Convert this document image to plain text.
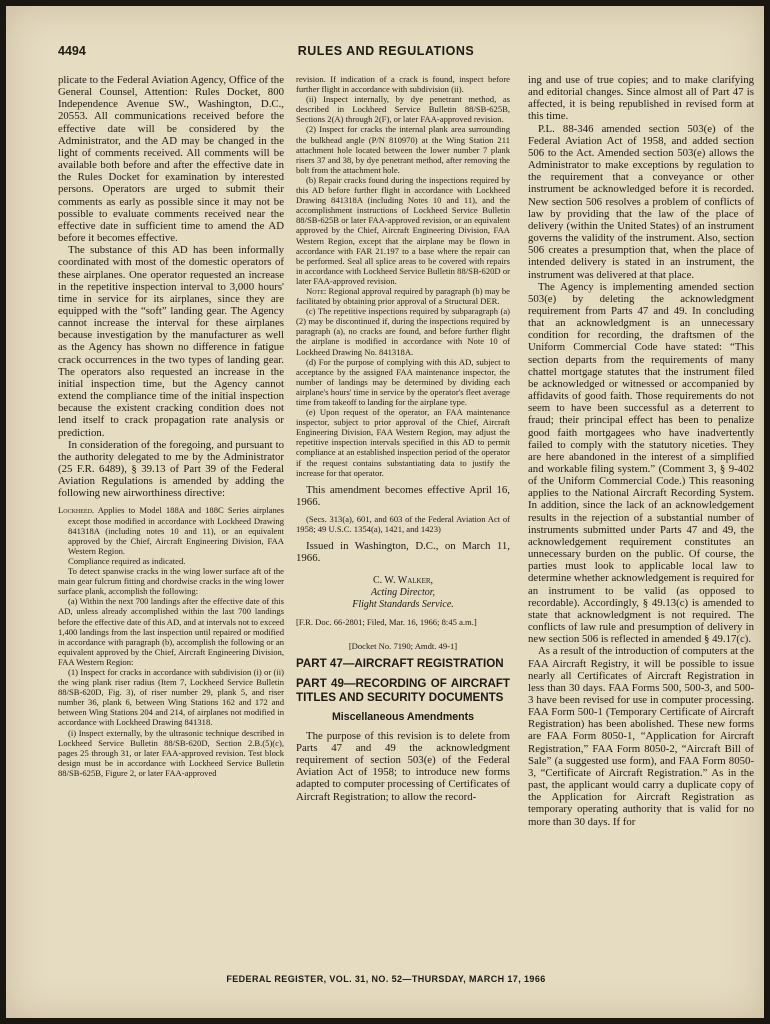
4494	RULES AND REGULATIONS

plicate to the Federal Aviation Agency, Office of the General Counsel, Attention: Rules Docket, 800 Independence Avenue SW., Washington, D.C., 20553. All communications received before the effective date will be considered by the Administrator, and the AD may be changed in the light of comments received. All comments will be available both before and after the effective date in the Rules Docket for examination by interested persons. Operators are urged to submit their comments as early as possible since it may not be possible to evaluate comments received near the effective date in sufficient time to amend the AD before it becomes effective.

The substance of this AD has been informally coordinated with most of the domestic operators of these airplanes. One operator requested an increase in the repetitive inspection interval to 3,000 hours' time in service for its airplanes, since they are equipped with the “soft” landing gear. The Agency cannot increase the interval for these airplanes because investigation by the manufacturer as well as the Agency has shown no difference in fatigue crack occurrences in the two types of landing gear. The operators also requested an increase in the initial inspection time, but the Agency cannot extend the compliance time of the initial inspection because the existent cracking condition does not lend itself to crack propagation rate analysis or prediction.

In consideration of the foregoing, and pursuant to the authority delegated to me by the Administrator (25 F.R. 6489), § 39.13 of Part 39 of the Federal Aviation Regulations is amended by adding the following new airworthiness directive:

Lockheed. Applies to Model 188A and 188C Series airplanes except those modified in accordance with Lockheed Drawing 841318A (including notes 10 and 11), or an equivalent approved by the Chief, Aircraft Engineering Division, FAA Western Region.

Compliance required as indicated.

To detect spanwise cracks in the wing lower surface aft of the main gear fulcrum fitting and chordwise cracks in the wing lower surface plank, accomplish the following:

(a) Within the next 700 landings after the effective date of this AD, unless already accomplished within the last 700 landings before the effective date of this AD, and at intervals not to exceed 1,400 landings from the last inspection until repaired or modified in accordance with paragraph (b), accomplish the following or an equivalent approved by the Chief, Aircraft Engineering Division, FAA Western Region:

(1) Inspect for cracks in accordance with subdivision (i) or (ii) the wing plank riser radius (Item 7, Lockheed Service Bulletin 88/SB-620D, Fig. 3), of riser number 29, plank 5, and riser number 36, plank 6, between Wing Stations 162 and 172 and between Wing Stations 204 and 214, of airplanes not modified in accordance with Lockheed Drawing 841318.

(i) Inspect externally, by the ultrasonic technique described in Lockheed Service Bulletin 88/SB-620D, Section 2.B.(5)(c), pages 25 through 31, or later FAA-approved revision. Test block design must be in accordance with Lockheed Service Bulletin 88/SB-625B, Figure 2, or later FAA-approved

revision. If indication of a crack is found, inspect before further flight in accordance with subdivision (ii).

(ii) Inspect internally, by dye penetrant method, as described in Lockheed Service Bulletin 88/SB-625B, Sections 2(A) through 2(F), or later FAA-approved revision.

(2) Inspect for cracks the internal plank area surrounding the bulkhead angle (P/N 810970) at the Wing Station 211 attachment hole located between the lower number 7 plank risers 37 and 38, by dye penetrant method, after removing the bolt from the attachment hole.

(b) Repair cracks found during the inspections required by this AD before further flight in accordance with Lockheed Drawing 841318A (including Notes 10 and 11), and the accomplishment instructions of Lockheed Service Bulletin 88/SB-625B or later FAA-approved revision, or an equivalent approved by the Chief, Aircraft Engineering Division, FAA Western Region, except that the airplane may be flown in accordance with FAR 21.197 to a base where the repair can be performed. Seal all splice areas to be covered with repairs in accordance with Lockheed Service Bulletin 88/SB-620D or later FAA-approved revision.

Note: Regional approval required by paragraph (b) may be facilitated by obtaining prior approval of a Structural DER.

(c) The repetitive inspections required by subparagraph (a)(2) may be discontinued if, during the inspections required by paragraph (a), no cracks are found, and before further flight the airplane is modified in accordance with Note 10 of Lockheed Drawing No. 841318A.

(d) For the purpose of complying with this AD, subject to acceptance by the assigned FAA maintenance inspector, the number of landings may be determined by dividing each airplane's hours' time in service by the operator's fleet average time from takeoff to landing for the airplane type.

(e) Upon request of the operator, an FAA maintenance inspector, subject to prior approval of the Chief, Aircraft Engineering Division, FAA Western Region, may adjust the repetitive inspection intervals specified in this AD to permit compliance at an established inspection period of the operator if the request contains substantiating data to justify the increase for that operator.

This amendment becomes effective April 16, 1966.

(Secs. 313(a), 601, and 603 of the Federal Aviation Act of 1958; 49 U.S.C. 1354(a), 1421, and 1423)

Issued in Washington, D.C., on March 11, 1966.

C. W. Walker,

Acting Director,

Flight Standards Service.

[F.R. Doc. 66-2801; Filed, Mar. 16, 1966; 8:45 a.m.]

[Docket No. 7190; Amdt. 49-1]

PART 47—AIRCRAFT REGISTRATION

PART 49—RECORDING OF AIRCRAFT TITLES AND SECURITY DOCUMENTS

Miscellaneous Amendments

The purpose of this revision is to delete from Parts 47 and 49 the acknowledgment requirement of section 503(e) of the Federal Aviation Act of 1958; to introduce new forms adapted to computer processing of Certificates of Aircraft Registration; to allow the record-

ing and use of true copies; and to make clarifying and editorial changes. Since almost all of Part 47 is affected, it is being republished in revised form at this time.

P.L. 88-346 amended section 503(e) of the Federal Aviation Act of 1958, and added section 506 to the Act. Amended section 503(e) allows the Administrator to make exceptions by regulation to the requirement that a conveyance or other instrument be acknowledged before it is recorded. New section 506 resolves a problem of conflicts of law by providing that the law of the place of delivery (within the United States) of an instrument governs the validity of the instrument. Also, section 506 creates a presumption that, when the place of intended delivery is stated in an instrument, the instrument was delivered at that place.

The Agency is implementing amended section 503(e) by deleting the acknowledgment requirement from Parts 47 and 49. In concluding that an acknowledgment is an unnecessary condition for recording, the draftsmen of the Uniform Commercial Code have stated: “This section departs from the requirements of many chattel mortgage statutes that the instrument filed be acknowledged or witnessed or accompanied by affidavits of good faith. Those requirements do not seem to have been successful as a deterrent to fraud; their principal effect has been to penalize good faith mortgagees who have inadvertently failed to comply with the statutory niceties. They are here abandoned in the interest of a simplified and workable filing system.” (Comment 3, § 9-402 of the Uniform Commercial Code.) This reasoning applies to the National Aircraft Recording System. In addition, since the lack of an acknowledgement results in the rejection of a substantial number of instruments submitted under Parts 47 and 49, the acknowledgement requirement constitutes an unnecessary burden on the public. Of course, the parties must look to applicable local law to determine whether acknowledgement is required for an instrument to be valid (as opposed to recordable). Accordingly, § 49.13(c) is amended to state that acknowledgment is not required. The conflicts of law rule and presumption of delivery in new section 506 is reflected in amended § 49.17(c).

As a result of the introduction of computers at the FAA Aircraft Registry, it will be possible to issue nearly all Certificates of Aircraft Registration in less than 30 days. FAA Forms 500, 500-3, and 500-3 have been revised for use in computer processing. FAA Form 500-1 (Temporary Certificate of Aircraft Registration) has been abolished. These new forms are FAA Form 8050-1, “Application for Aircraft Registration,” FAA Form 8050-2, “Aircraft Bill of Sale” (a suggested use form), and FAA Form 8050-3, “Certificate of Aircraft Registration.” As in the past, the applicant would carry a duplicate copy of the Application for Aircraft Registration as temporary operating authority that is valid for no more than 30 days. If for

FEDERAL REGISTER, VOL. 31, NO. 52—THURSDAY, MARCH 17, 1966
